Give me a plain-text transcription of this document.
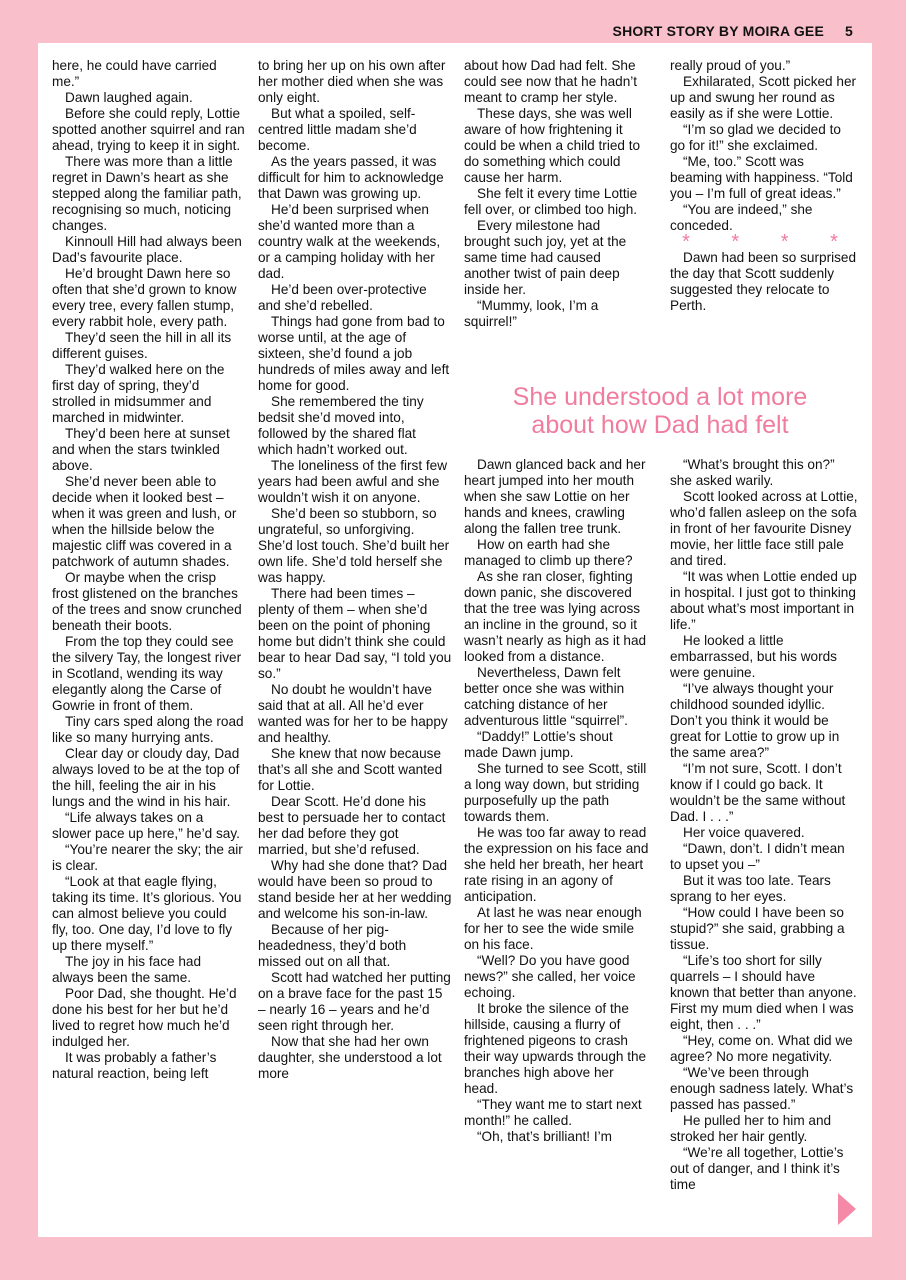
SHORT STORY BY MOIRA GEE 5

here, he could have carried me.”

Dawn laughed again.

Before she could reply, Lottie spotted another squirrel and ran ahead, trying to keep it in sight.

There was more than a little regret in Dawn’s heart as she stepped along the familiar path, recognising so much, noticing changes.

Kinnoull Hill had always been Dad’s favourite place.

He’d brought Dawn here so often that she’d grown to know every tree, every fallen stump, every rabbit hole, every path.

They’d seen the hill in all its different guises.

They’d walked here on the first day of spring, they’d strolled in midsummer and marched in midwinter.

They’d been here at sunset and when the stars twinkled above.

She’d never been able to decide when it looked best – when it was green and lush, or when the hillside below the majestic cliff was covered in a patchwork of autumn shades.

Or maybe when the crisp frost glistened on the branches of the trees and snow crunched beneath their boots.

From the top they could see the silvery Tay, the longest river in Scotland, wending its way elegantly along the Carse of Gowrie in front of them.

Tiny cars sped along the road like so many hurrying ants.

Clear day or cloudy day, Dad always loved to be at the top of the hill, feeling the air in his lungs and the wind in his hair.

“Life always takes on a slower pace up here,” he’d say.

“You’re nearer the sky; the air is clear.

“Look at that eagle flying, taking its time. It’s glorious. You can almost believe you could fly, too. One day, I’d love to fly up there myself.”

The joy in his face had always been the same.

Poor Dad, she thought. He’d done his best for her but he’d lived to regret how much he’d indulged her.

It was probably a father’s natural reaction, being left

to bring her up on his own after her mother died when she was only eight.

But what a spoiled, self-centred little madam she’d become.

As the years passed, it was difficult for him to acknowledge that Dawn was growing up.

He’d been surprised when she’d wanted more than a country walk at the weekends, or a camping holiday with her dad.

He’d been over-protective and she’d rebelled.

Things had gone from bad to worse until, at the age of sixteen, she’d found a job hundreds of miles away and left home for good.

She remembered the tiny bedsit she’d moved into, followed by the shared flat which hadn’t worked out.

The loneliness of the first few years had been awful and she wouldn’t wish it on anyone.

She’d been so stubborn, so ungrateful, so unforgiving. She’d lost touch. She’d built her own life. She’d told herself she was happy.

There had been times – plenty of them – when she’d been on the point of phoning home but didn’t think she could bear to hear Dad say, “I told you so.”

No doubt he wouldn’t have said that at all. All he’d ever wanted was for her to be happy and healthy.

She knew that now because that’s all she and Scott wanted for Lottie.

Dear Scott. He’d done his best to persuade her to contact her dad before they got married, but she’d refused.

Why had she done that? Dad would have been so proud to stand beside her at her wedding and welcome his son-in-law.

Because of her pig-headedness, they’d both missed out on all that.

Scott had watched her putting on a brave face for the past 15 – nearly 16 – years and he’d seen right through her.

Now that she had her own daughter, she understood a lot more

about how Dad had felt. She could see now that he hadn’t meant to cramp her style.

These days, she was well aware of how frightening it could be when a child tried to do something which could cause her harm.

She felt it every time Lottie fell over, or climbed too high.

Every milestone had brought such joy, yet at the same time had caused another twist of pain deep inside her.

“Mummy, look, I’m a squirrel!”

really proud of you.”

Exhilarated, Scott picked her up and swung her round as easily as if she were Lottie.

“I’m so glad we decided to go for it!” she exclaimed.

“Me, too.” Scott was beaming with happiness. “Told you – I’m full of great ideas.”

“You are indeed,” she conceded.

* * * *

Dawn had been so surprised the day that Scott suddenly suggested they relocate to Perth.

She understood a lot more about how Dad had felt

Dawn glanced back and her heart jumped into her mouth when she saw Lottie on her hands and knees, crawling along the fallen tree trunk.

How on earth had she managed to climb up there?

As she ran closer, fighting down panic, she discovered that the tree was lying across an incline in the ground, so it wasn’t nearly as high as it had looked from a distance.

Nevertheless, Dawn felt better once she was within catching distance of her adventurous little “squirrel”.

“Daddy!” Lottie’s shout made Dawn jump.

She turned to see Scott, still a long way down, but striding purposefully up the path towards them.

He was too far away to read the expression on his face and she held her breath, her heart rate rising in an agony of anticipation.

At last he was near enough for her to see the wide smile on his face.

“Well? Do you have good news?” she called, her voice echoing.

It broke the silence of the hillside, causing a flurry of frightened pigeons to crash their way upwards through the branches high above her head.

“They want me to start next month!” he called.

“Oh, that’s brilliant! I’m

“What’s brought this on?” she asked warily.

Scott looked across at Lottie, who’d fallen asleep on the sofa in front of her favourite Disney movie, her little face still pale and tired.

“It was when Lottie ended up in hospital. I just got to thinking about what’s most important in life.”

He looked a little embarrassed, but his words were genuine.

“I’ve always thought your childhood sounded idyllic. Don’t you think it would be great for Lottie to grow up in the same area?”

“I’m not sure, Scott. I don’t know if I could go back. It wouldn’t be the same without Dad. I . . .”

Her voice quavered.

“Dawn, don’t. I didn’t mean to upset you –”

But it was too late. Tears sprang to her eyes.

“How could I have been so stupid?” she said, grabbing a tissue.

“Life’s too short for silly quarrels – I should have known that better than anyone. First my mum died when I was eight, then . . .”

“Hey, come on. What did we agree? No more negativity.

“We’ve been through enough sadness lately. What’s passed has passed.”

He pulled her to him and stroked her hair gently.

“We’re all together, Lottie’s out of danger, and I think it’s time
